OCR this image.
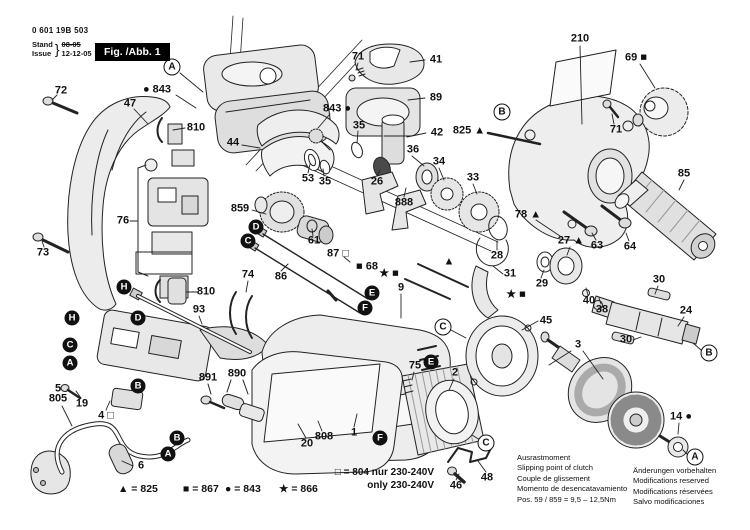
72
47
● 843
810
44
53 35
35
71	41
89
42
36
26
34
33
888
843 ●
825 ▲
210
69 ■
71
85
78 ▲
27 ▲ 63 64
28
31
29
★ ■
45
30
40
38	24
30
3
76
73
859
61
87 □
■ 68
86
74	★ ■
9
▲
810
93
891 890
5
805 19
4 □
6
20
808 1
75
2
48
46
14 ●
A
B
C
C
B
A
H
H	D
C
A
B
D
C
E
F
E
F
B
A
0 601 19B 503
Stand
Issue } 08-05
12-12-05	Fig. /Abb. 1
▲ = 825 ■ = 867 ● = 843 ★ = 866
□ = 804 nur 230-240V
only 230-240V
Ausrastmoment
Slipping point of clutch
Couple de glissement
Momento de desencatavamiento
Pos. 59 / 859 = 9,5 – 12,5Nm
Änderungen vorbehalten
Modifications reserved
Modifications réservées
Salvo modificaciones
